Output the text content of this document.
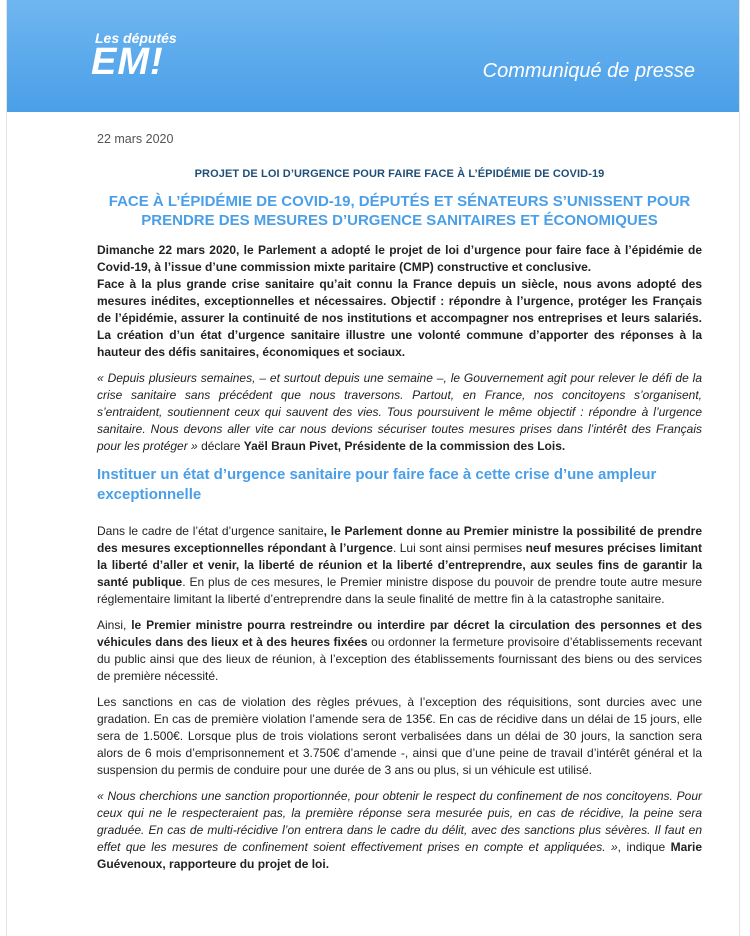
Les députés
EM!	Communiqué de presse
22 mars 2020
PROJET DE LOI D’URGENCE POUR FAIRE FACE À L’ÉPIDÉMIE DE COVID-19
FACE À L’ÉPIDÉMIE DE COVID-19, DÉPUTÉS ET SÉNATEURS S’UNISSENT POUR PRENDRE DES MESURES D’URGENCE SANITAIRES ET ÉCONOMIQUES

Dimanche 22 mars 2020, le Parlement a adopté le projet de loi d’urgence pour faire face à l’épidémie de Covid-19, à l’issue d’une commission mixte paritaire (CMP) constructive et conclusive.

Face à la plus grande crise sanitaire qu’ait connu la France depuis un siècle, nous avons adopté des mesures inédites, exceptionnelles et nécessaires. Objectif : répondre à l’urgence, protéger les Français de l’épidémie, assurer la continuité de nos institutions et accompagner nos entreprises et leurs salariés. La création d’un état d’urgence sanitaire illustre une volonté commune d’apporter des réponses à la hauteur des défis sanitaires, économiques et sociaux.

« Depuis plusieurs semaines, – et surtout depuis une semaine –, le Gouvernement agit pour relever le défi de la crise sanitaire sans précédent que nous traversons. Partout, en France, nos concitoyens s’organisent, s’entraident, soutiennent ceux qui sauvent des vies. Tous poursuivent le même objectif : répondre à l’urgence sanitaire. Nous devons aller vite car nous devions sécuriser toutes mesures prises dans l’intérêt des Français pour les protéger » déclare Yaël Braun Pivet, Présidente de la commission des Lois.

Instituer un état d’urgence sanitaire pour faire face à cette crise d’une ampleur exceptionnelle

Dans le cadre de l’état d’urgence sanitaire, le Parlement donne au Premier ministre la possibilité de prendre des mesures exceptionnelles répondant à l’urgence. Lui sont ainsi permises neuf mesures précises limitant la liberté d’aller et venir, la liberté de réunion et la liberté d’entreprendre, aux seules fins de garantir la santé publique. En plus de ces mesures, le Premier ministre dispose du pouvoir de prendre toute autre mesure réglementaire limitant la liberté d’entreprendre dans la seule finalité de mettre fin à la catastrophe sanitaire.

Ainsi, le Premier ministre pourra restreindre ou interdire par décret la circulation des personnes et des véhicules dans des lieux et à des heures fixées ou ordonner la fermeture provisoire d’établissements recevant du public ainsi que des lieux de réunion, à l’exception des établissements fournissant des biens ou des services de première nécessité.

Les sanctions en cas de violation des règles prévues, à l’exception des réquisitions, sont durcies avec une gradation. En cas de première violation l’amende sera de 135€. En cas de récidive dans un délai de 15 jours, elle sera de 1.500€. Lorsque plus de trois violations seront verbalisées dans un délai de 30 jours, la sanction sera alors de 6 mois d’emprisonnement et 3.750€ d’amende -, ainsi que d’une peine de travail d’intérêt général et la suspension du permis de conduire pour une durée de 3 ans ou plus, si un véhicule est utilisé.

« Nous cherchions une sanction proportionnée, pour obtenir le respect du confinement de nos concitoyens. Pour ceux qui ne le respecteraient pas, la première réponse sera mesurée puis, en cas de récidive, la peine sera graduée. En cas de multi-récidive l’on entrera dans le cadre du délit, avec des sanctions plus sévères. Il faut en effet que les mesures de confinement soient effectivement prises en compte et appliquées. », indique Marie Guévenoux, rapporteure du projet de loi.
